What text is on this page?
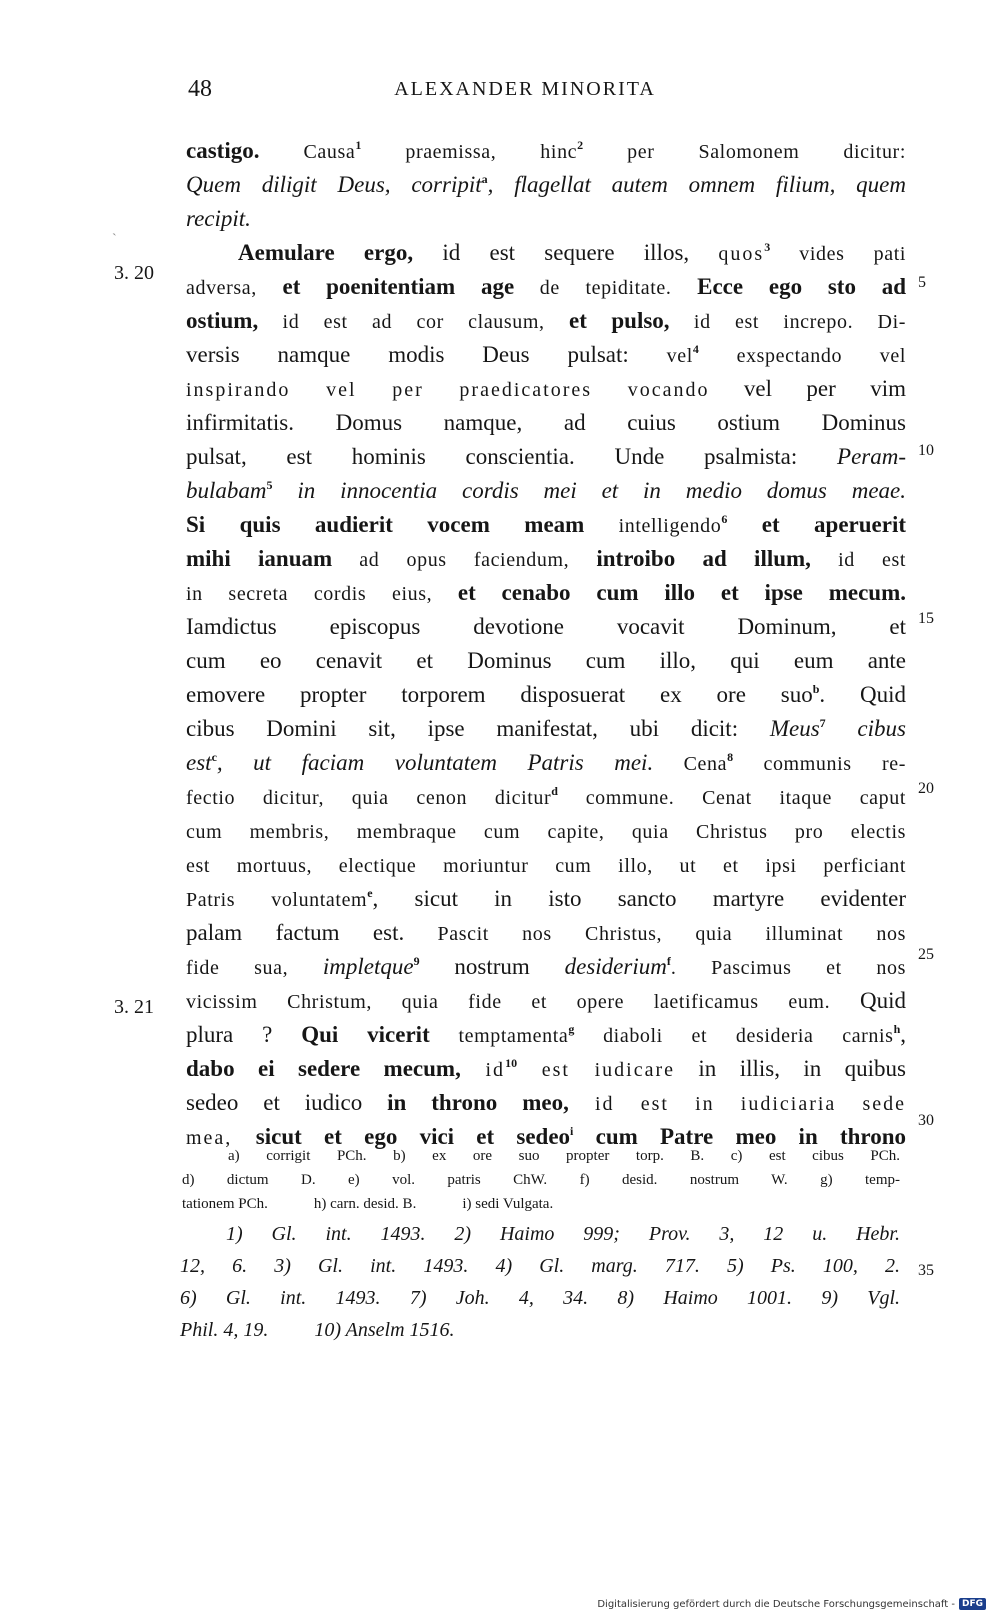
48	ALEXANDER MINORITA
ˋ
3. 20
3. 21
5
10
15
20
25
30
35
castigo. Causa$^1$ praemissa, hinc$^2$ per Salomonem dicitur:
Quem diligit Deus, corripit$^a$, flagellat autem omnem filium, quem
recipit.
Aemulare ergo, id est sequere illos, quos$^3$ vides pati
adversa, et poenitentiam age de tepiditate. Ecce ego sto ad
ostium, id est ad cor clausum, et pulso, id est increpo. Di-
versis namque modis Deus pulsat: vel$^4$ exspectando vel
inspirando vel per praedicatores vocando vel per vim
infirmitatis. Domus namque, ad cuius ostium Dominus
pulsat, est hominis conscientia. Unde psalmista: Peram-
bulabam$^5$ in innocentia cordis mei et in medio domus meae.
Si quis audierit vocem meam intelligendo$^6$ et aperuerit
mihi ianuam ad opus faciendum, introibo ad illum, id est
in secreta cordis eius, et cenabo cum illo et ipse mecum.
Iamdictus episcopus devotione vocavit Dominum, et
cum eo cenavit et Dominus cum illo, qui eum ante
emovere propter torporem disposuerat ex ore suo$^b$. Quid
cibus Domini sit, ipse manifestat, ubi dicit: Meus$^7$ cibus
est$^c$, ut faciam voluntatem Patris mei. Cena$^8$ communis re-
fectio dicitur, quia cenon dicitur$^d$ commune. Cenat itaque caput
cum membris, membraque cum capite, quia Christus pro electis
est mortuus, electique moriuntur cum illo, ut et ipsi perficiant
Patris voluntatem$^e$, sicut in isto sancto martyre evidenter
palam factum est. Pascit nos Christus, quia illuminat nos
fide sua, impletque$^9$ nostrum desiderium$^f$. Pascimus et nos
vicissim Christum, quia fide et opere laetificamus eum. Quid
plura ? Qui vicerit temptamenta$^g$ diaboli et desideria carnis$^h$,
dabo ei sedere mecum, $id^{10}$ est iudicare in illis, in quibus
sedeo et iudico in throno meo, id est in iudiciaria sede
mea, sicut et ego vici et sedeo$^i$ cum Patre meo in throno
a) corrigit PCh. b) ex ore suo propter torp. B. c) est cibus PCh.
d) dictum D. e) vol. patris ChW. f) desid. nostrum W. g) temp-
tationem PCh.	h) carn. desid. B.	i) sedi Vulgata.
1) Gl. int. 1493. 2) Haimo 999; Prov. 3, 12 u. Hebr.
12, 6. 3) Gl. int. 1493. 4) Gl. marg. 717. 5) Ps. 100, 2.
6) Gl. int. 1493. 7) Joh. 4, 34. 8) Haimo 1001. 9) Vgl.
Phil. 4, 19. 10) Anselm 1516.
Digitalisierung gefördert durch die Deutsche Forschungsgemeinschaft - DFG
